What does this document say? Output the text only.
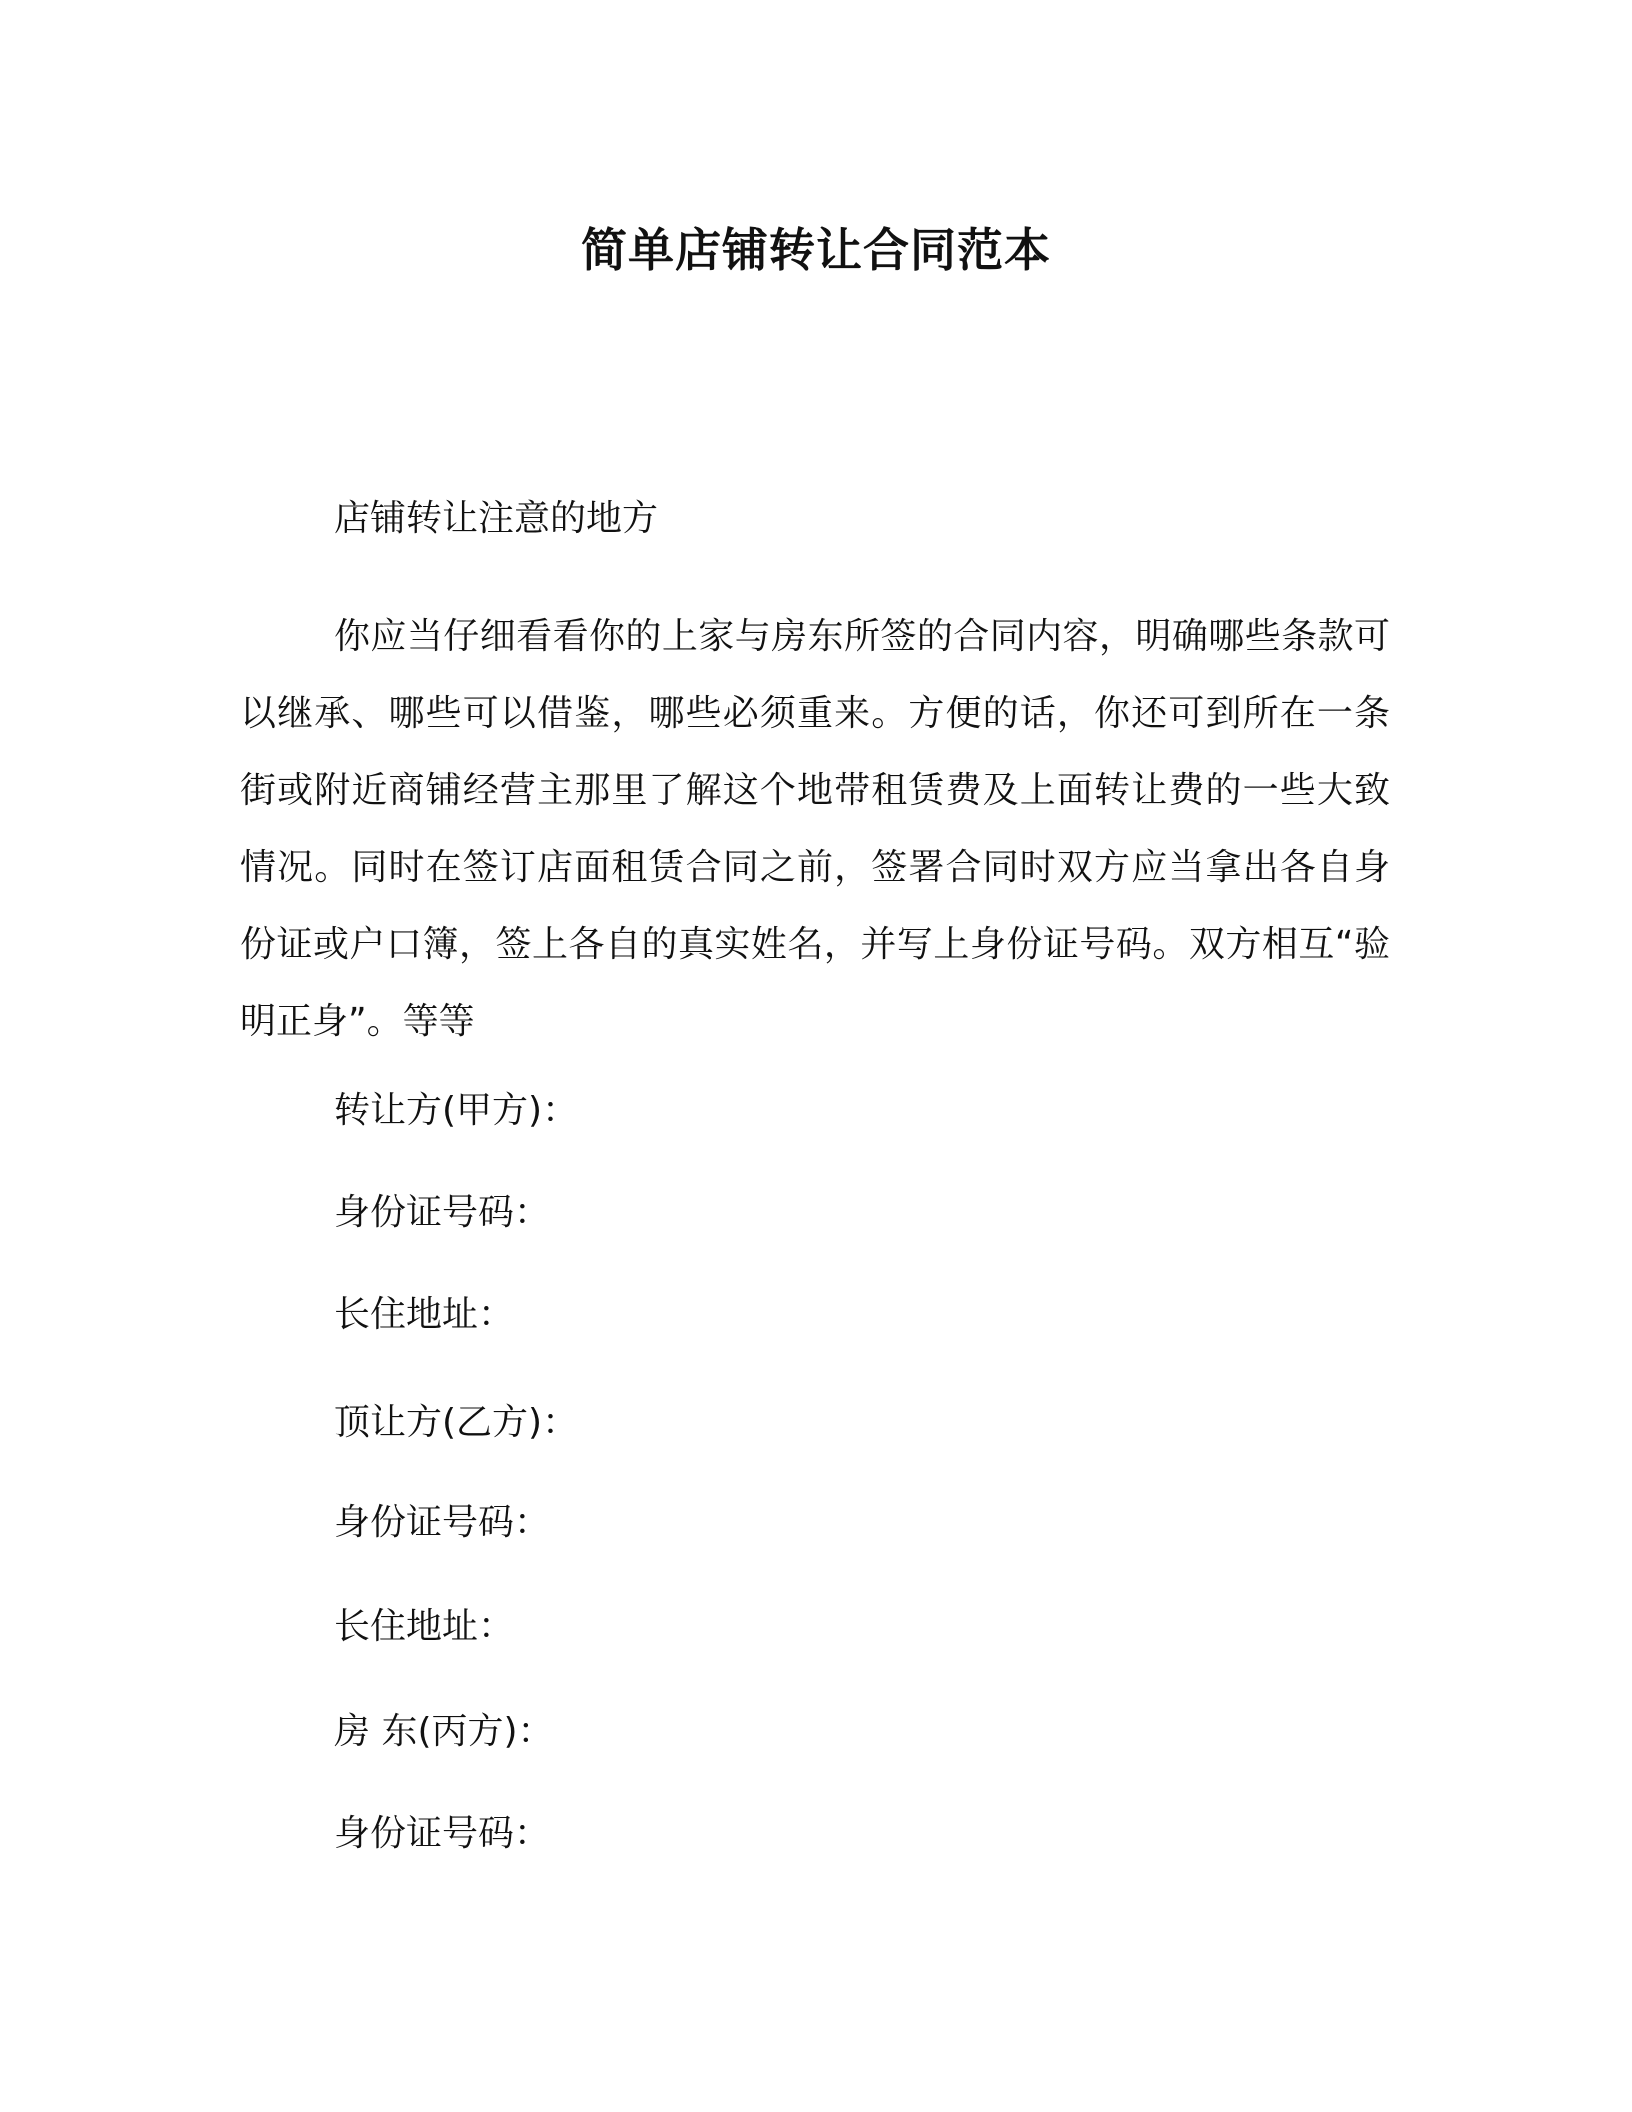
简单店铺转让合同范本
店铺转让注意的地方

你应当仔细看看你的上家与房东所签的合同内容，明确哪些条款可以继承、哪些可以借鉴，哪些必须重来。方便的话，你还可到所在一条街或附近商铺经营主那里了解这个地带租赁费及上面转让费的一些大致情况。同时在签订店面租赁合同之前，签署合同时双方应当拿出各自身份证或户口簿，签上各自的真实姓名，并写上身份证号码。双方相互“验明正身”。等等

转让方(甲方)：
身份证号码：
长住地址：
顶让方(乙方)：
身份证号码：
长住地址：
房 东(丙方)：
身份证号码：
